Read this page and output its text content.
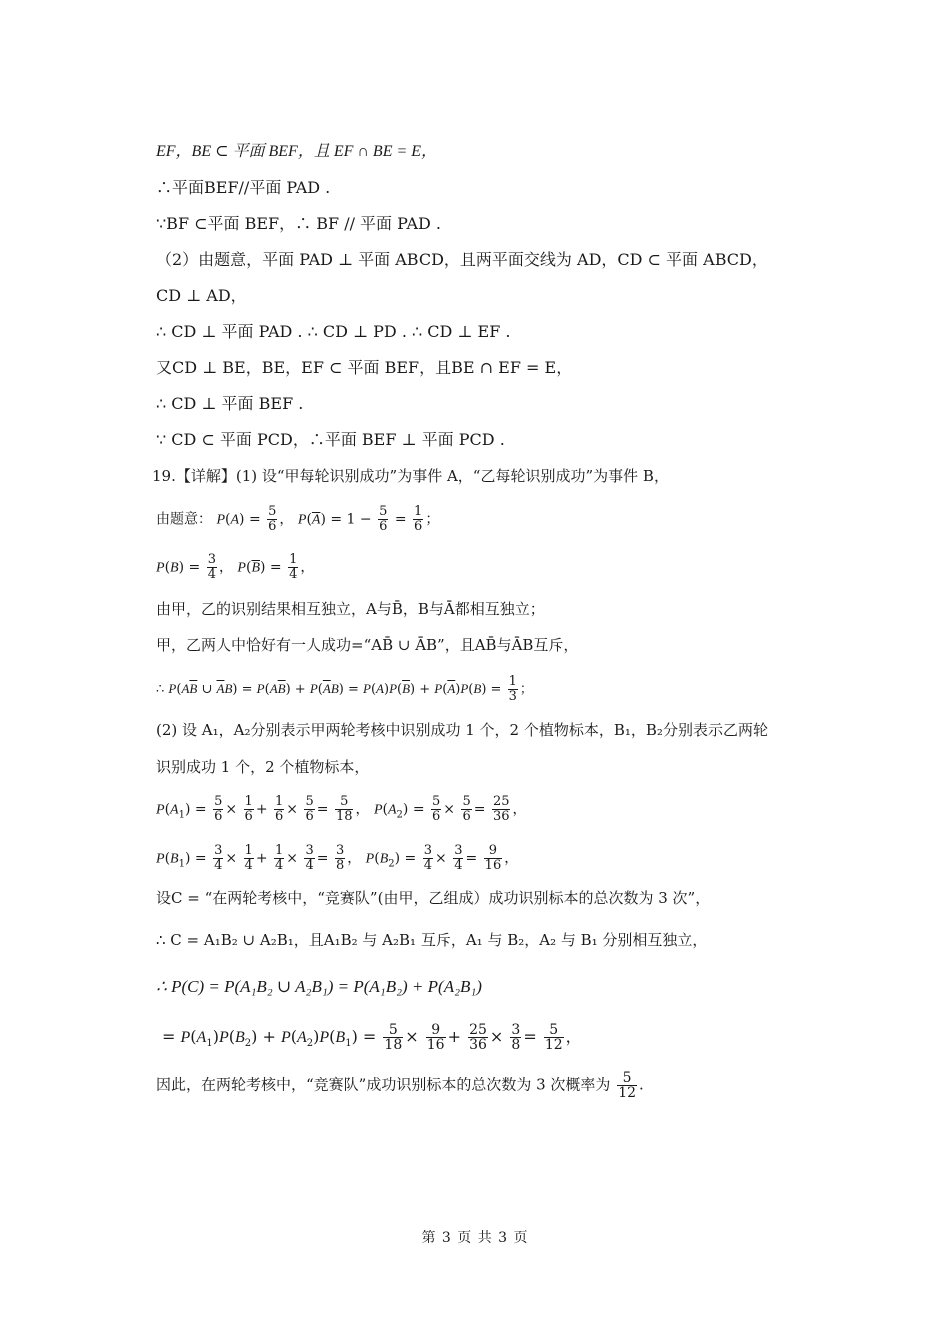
EF，BE ⊂ 平面 BEF，且 EF ∩ BE = E，
∴平面BEF//平面 PAD .
∵BF ⊂平面 BEF，∴ BF // 平面 PAD .
（2）由题意，平面 PAD ⊥ 平面 ABCD，且两平面交线为 AD，CD ⊂ 平面 ABCD，
CD ⊥ AD，
∴ CD ⊥ 平面 PAD . ∴ CD ⊥ PD . ∴ CD ⊥ EF .
又CD ⊥ BE，BE，EF ⊂ 平面 BEF，且BE ∩ EF = E，
∴ CD ⊥ 平面 BEF .
∵ CD ⊂ 平面 PCD，∴平面 BEF ⊥ 平面 PCD .
19.【详解】(1) 设“甲每轮识别成功”为事件 A，“乙每轮识别成功”为事件 B，
由题意： $P(A) = \frac{5}{6}$ ， $P(\overline{A}) = 1 - \frac{5}{6} = \frac{1}{6}$ ；
$P(B) = \frac{3}{4}$ ， $P(\overline{B}) = \frac{1}{4}$ ，
由甲，乙的识别结果相互独立，A与B̄，B与Ā都相互独立；
甲，乙两人中恰好有一人成功=“AB̄ ∪ ĀB”，且AB̄与ĀB互斥，
∴ $P(A\overline{B}$ ∪ $\overline{A}B) = P(A\overline{B}) + P(\overline{A}B) = P(A)P(\overline{B}) + P(\overline{A})P(B) = \frac{1}{3}$ ；
(2) 设 A₁，A₂分别表示甲两轮考核中识别成功 1 个，2 个植物标本，B₁，B₂分别表示乙两轮
识别成功 1 个，2 个植物标本，
$P(A_1) = \frac{5}{6} \times \frac{1}{6} + \frac{1}{6} \times \frac{5}{6} = \frac{5}{18}$ ， $P(A_2) = \frac{5}{6} \times \frac{5}{6} = \frac{25}{36}$ ，
$P(B_1) = \frac{3}{4} \times \frac{1}{4} + \frac{1}{4} \times \frac{3}{4} = \frac{3}{8}$ ， $P(B_2) = \frac{3}{4} \times \frac{3}{4} = \frac{9}{16}$ ，
设C = “在两轮考核中，“竞赛队”(由甲，乙组成）成功识别标本的总次数为 3 次”，
∴ C = A₁B₂ ∪ A₂B₁，且A₁B₂ 与 A₂B₁ 互斥，A₁ 与 B₂，A₂ 与 B₁ 分别相互独立，
∴ P(C) = P(A₁B₂ ∪ A₂B₁) = P(A₁B₂) + P(A₂B₁)
= $P(A_1)P(B_2) + P(A_2)P(B_1) = \frac{5}{18} \times \frac{9}{16} + \frac{25}{36} \times \frac{3}{8} = \frac{5}{12}$ ，
因此，在两轮考核中，“竞赛队”成功识别标本的总次数为 3 次概率为 $\frac{5}{12}$ .
第 3 页 共 3 页
